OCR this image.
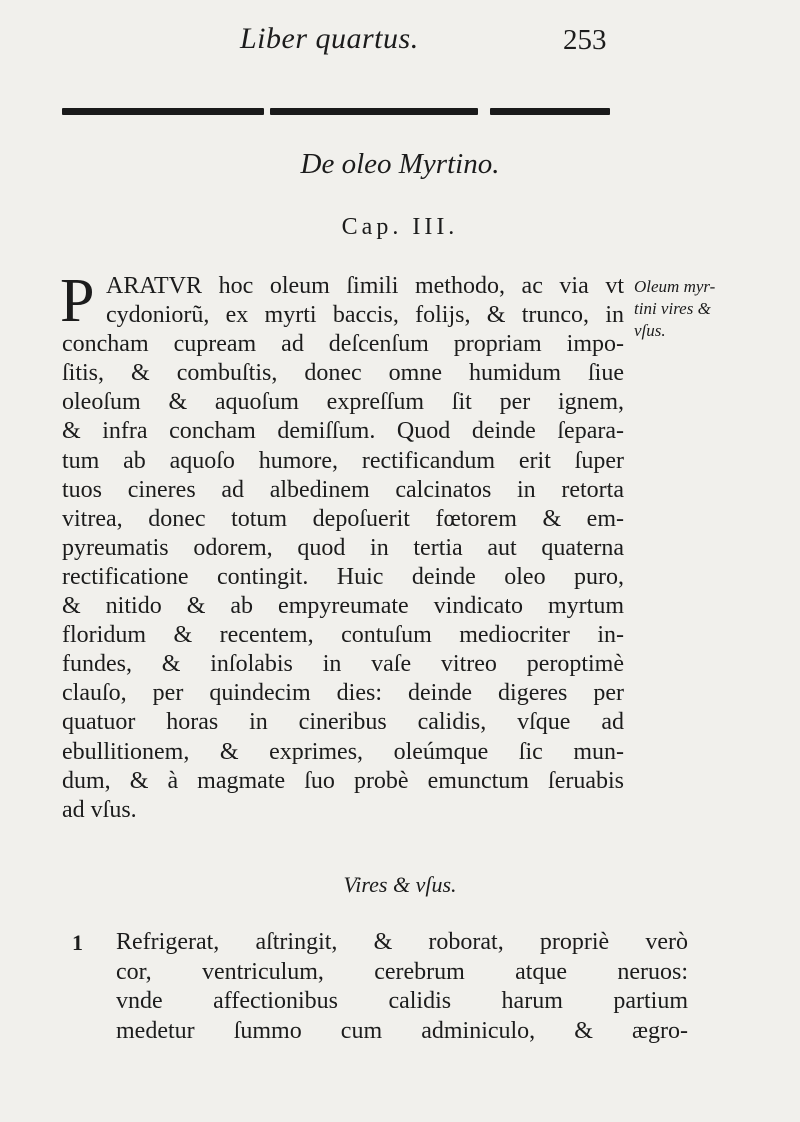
Liber quartus.	253
De oleo Myrtino.
Cap. III.
P ARATVR hoc oleum ſimili methodo, ac via vt
cydoniorũ, ex myrti baccis, folijs, & trunco, in
concham cupream ad deſcenſum propriam impo-
ſitis, & combuſtis, donec omne humidum ſiue
oleoſum & aquoſum expreſſum ſit per ignem,
& infra concham demiſſum. Quod deinde ſepara-
tum ab aquoſo humore, rectificandum erit ſuper
tuos cineres ad albedinem calcinatos in retorta
vitrea, donec totum depoſuerit fœtorem & em-
pyreumatis odorem, quod in tertia aut quaterna
rectificatione contingit. Huic deinde oleo puro,
& nitido & ab empyreumate vindicato myrtum
floridum & recentem, contuſum mediocriter in-
fundes, & inſolabis in vaſe vitreo peroptimè
clauſo, per quindecim dies: deinde digeres per
quatuor horas in cineribus calidis, vſque ad
ebullitionem, & exprimes, oleúmque ſic mun-
dum, & à magmate ſuo probè emunctum ſeruabis
ad vſus.
Oleum myr-
tini vires &
vſus.
Vires & vſus.
1 Refrigerat, aſtringit, & roborat, propriè verò
cor, ventriculum, cerebrum atque neruos:
vnde affectionibus calidis harum partium
medetur ſummo cum adminiculo, & ægro-
